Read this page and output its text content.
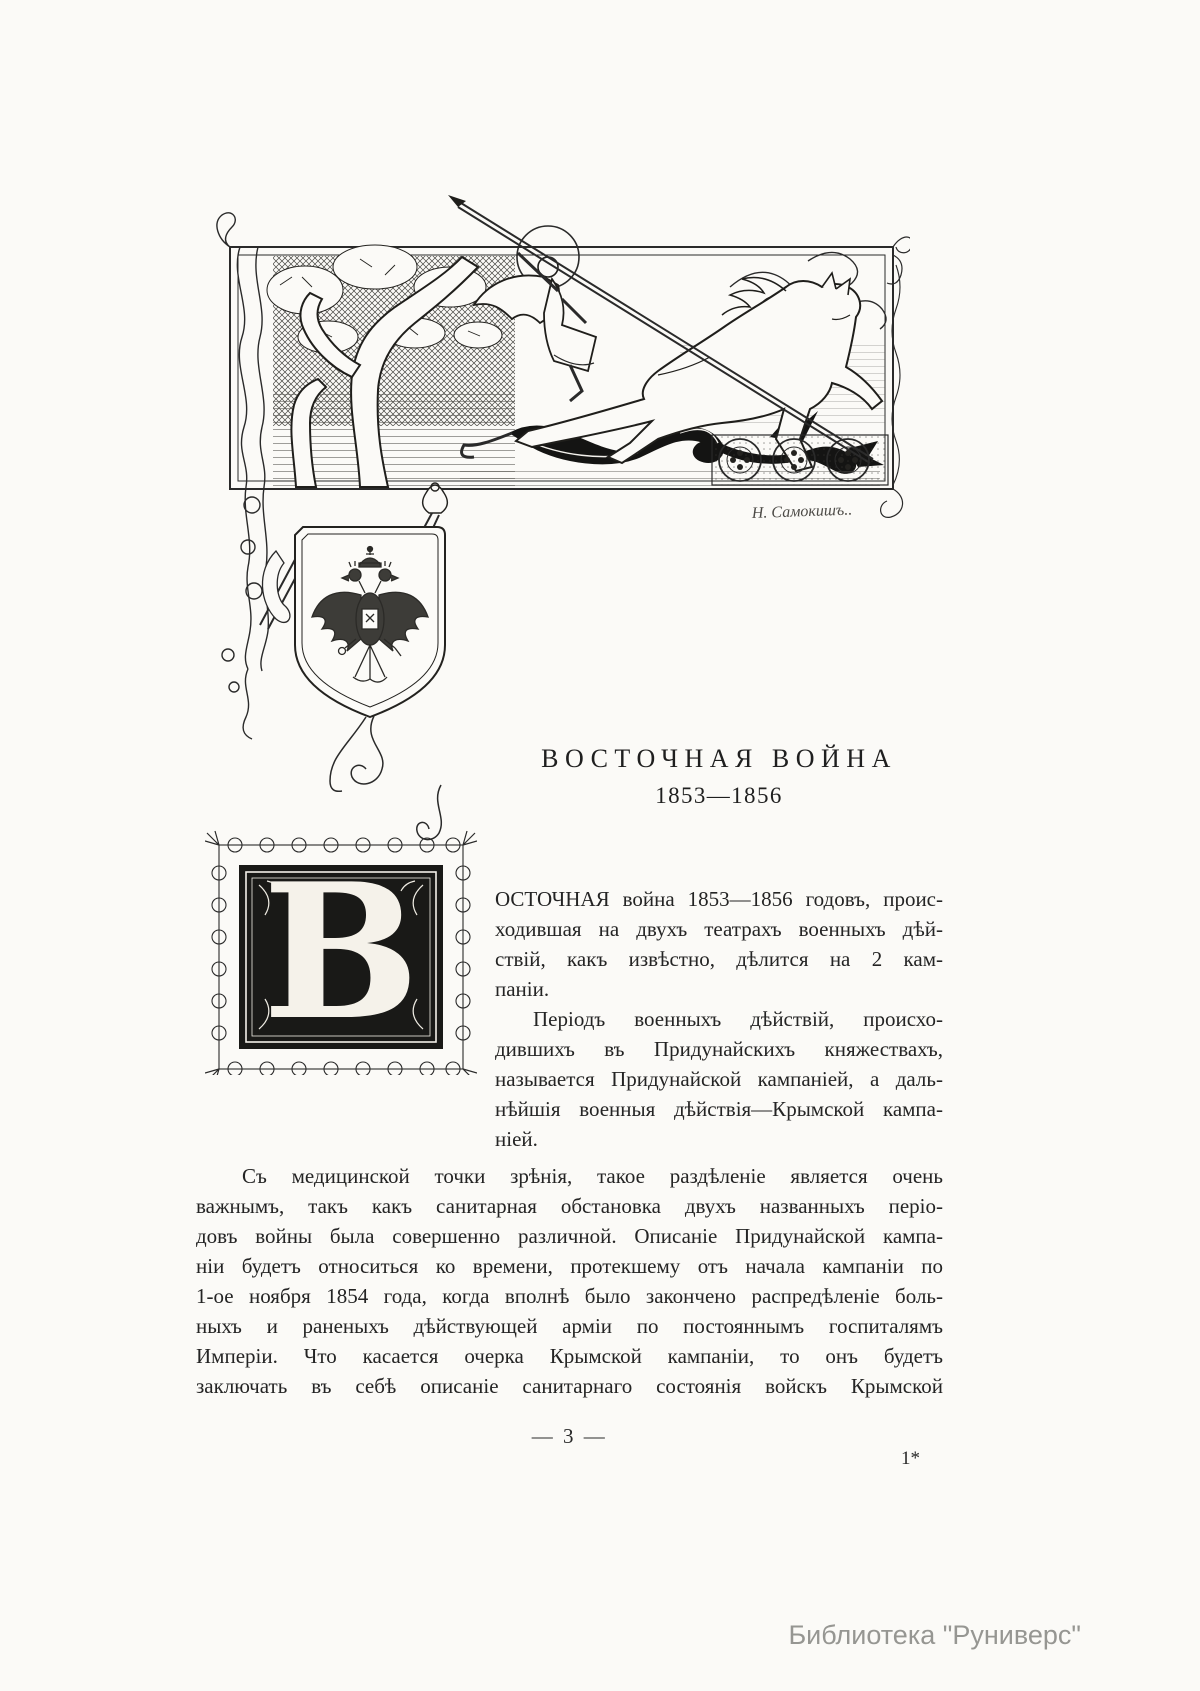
Н. Самокишъ..
В
ВОСТОЧНАЯ ВОЙНА
1853—1856
ОСТОЧНАЯ война 1853—1856 годовъ, проис-
ходившая на двухъ театрахъ военныхъ дѣй-
ствій, какъ извѣстно, дѣлится на 2 кам-
паніи.
Періодъ военныхъ дѣйствій, происхо-
дившихъ въ Придунайскихъ княжествахъ,
называется Придунайской кампаніей, а даль-
нѣйшія военныя дѣйствія—Крымской кампа-
ніей.
Съ медицинской точки зрѣнія, такое раздѣленіе является очень
важнымъ, такъ какъ санитарная обстановка двухъ названныхъ періо-
довъ войны была совершенно различной. Описаніе Придунайской кампа-
ніи будетъ относиться ко времени, протекшему отъ начала кампаніи по
1-ое ноября 1854 года, когда вполнѣ было закончено распредѣленіе боль-
ныхъ и раненыхъ дѣйствующей арміи по постояннымъ госпиталямъ
Имперіи. Что касается очерка Крымской кампаніи, то онъ будетъ
заключать въ себѣ описаніе санитарнаго состоянія войскъ Крымской
— 3 —
1*
Библиотека "Руниверс"
